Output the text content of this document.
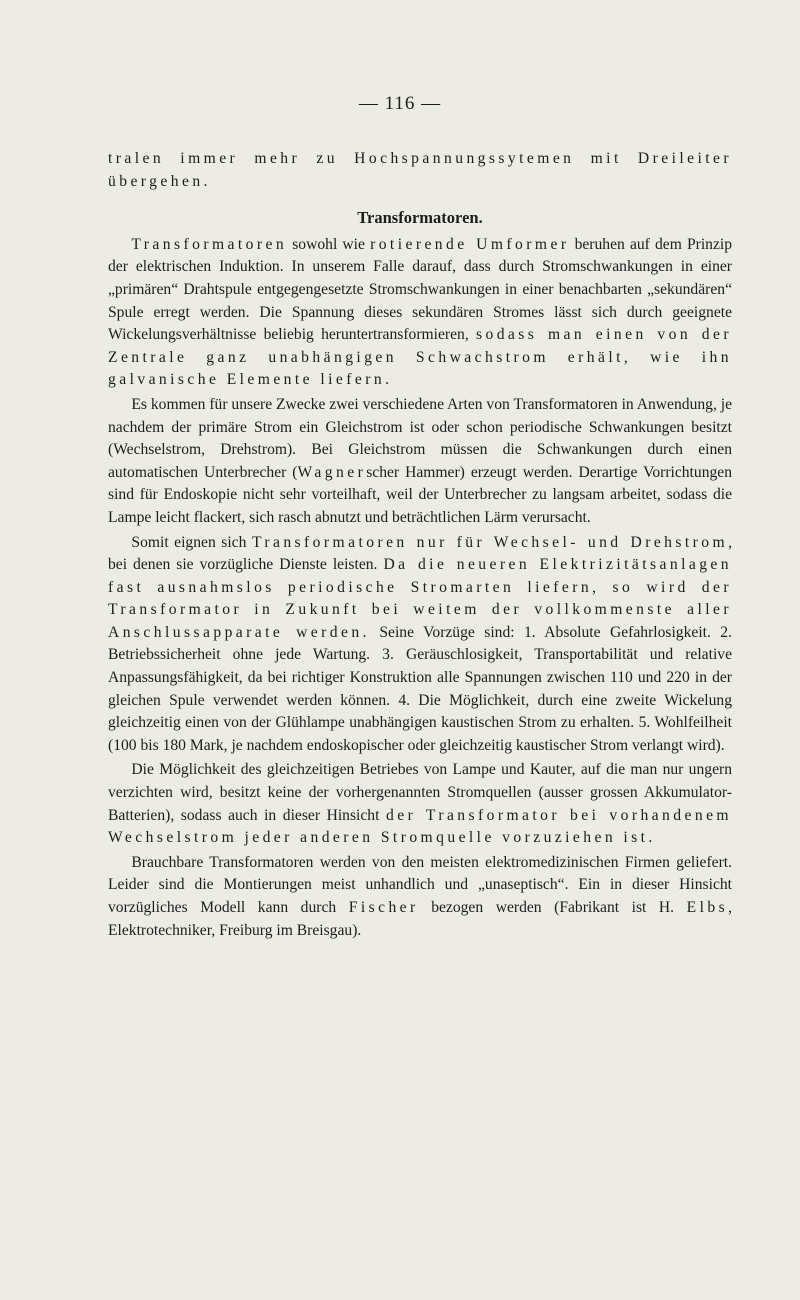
— 116 —

tralen immer mehr zu Hochspannungssytemen mit Dreileiter übergehen.

Transformatoren.

Transformatoren sowohl wie rotierende Umformer beruhen auf dem Prinzip der elektrischen Induktion. In unserem Falle darauf, dass durch Stromschwankungen in einer „primären“ Drahtspule entgegengesetzte Stromschwankungen in einer benachbarten „sekundären“ Spule erregt werden. Die Spannung dieses sekundären Stromes lässt sich durch geeignete Wickelungsverhältnisse beliebig heruntertransformieren, sodass man einen von der Zentrale ganz unabhängigen Schwachstrom erhält, wie ihn galvanische Elemente liefern.

Es kommen für unsere Zwecke zwei verschiedene Arten von Transformatoren in Anwendung, je nachdem der primäre Strom ein Gleichstrom ist oder schon periodische Schwankungen besitzt (Wechselstrom, Drehstrom). Bei Gleichstrom müssen die Schwankungen durch einen automatischen Unterbrecher (Wagnerscher Hammer) erzeugt werden. Derartige Vorrichtungen sind für Endoskopie nicht sehr vorteilhaft, weil der Unterbrecher zu langsam arbeitet, sodass die Lampe leicht flackert, sich rasch abnutzt und beträchtlichen Lärm verursacht.

Somit eignen sich Transformatoren nur für Wechsel- und Drehstrom, bei denen sie vorzügliche Dienste leisten. Da die neueren Elektrizitätsanlagen fast ausnahmslos periodische Stromarten liefern, so wird der Transformator in Zukunft bei weitem der vollkommenste aller Anschlussapparate werden. Seine Vorzüge sind: 1. Absolute Gefahrlosigkeit. 2. Betriebssicherheit ohne jede Wartung. 3. Geräuschlosigkeit, Transportabilität und relative Anpassungsfähigkeit, da bei richtiger Konstruktion alle Spannungen zwischen 110 und 220 in der gleichen Spule verwendet werden können. 4. Die Möglichkeit, durch eine zweite Wickelung gleichzeitig einen von der Glühlampe unabhängigen kaustischen Strom zu erhalten. 5. Wohlfeilheit (100 bis 180 Mark, je nachdem endoskopischer oder gleichzeitig kaustischer Strom verlangt wird).

Die Möglichkeit des gleichzeitigen Betriebes von Lampe und Kauter, auf die man nur ungern verzichten wird, besitzt keine der vorhergenannten Stromquellen (ausser grossen Akkumulator-Batterien), sodass auch in dieser Hinsicht der Transformator bei vorhandenem Wechselstrom jeder anderen Stromquelle vorzuziehen ist.

Brauchbare Transformatoren werden von den meisten elektromedizinischen Firmen geliefert. Leider sind die Montierungen meist unhandlich und „unaseptisch“. Ein in dieser Hinsicht vorzügliches Modell kann durch Fischer bezogen werden (Fabrikant ist H. Elbs, Elektrotechniker, Freiburg im Breisgau).
